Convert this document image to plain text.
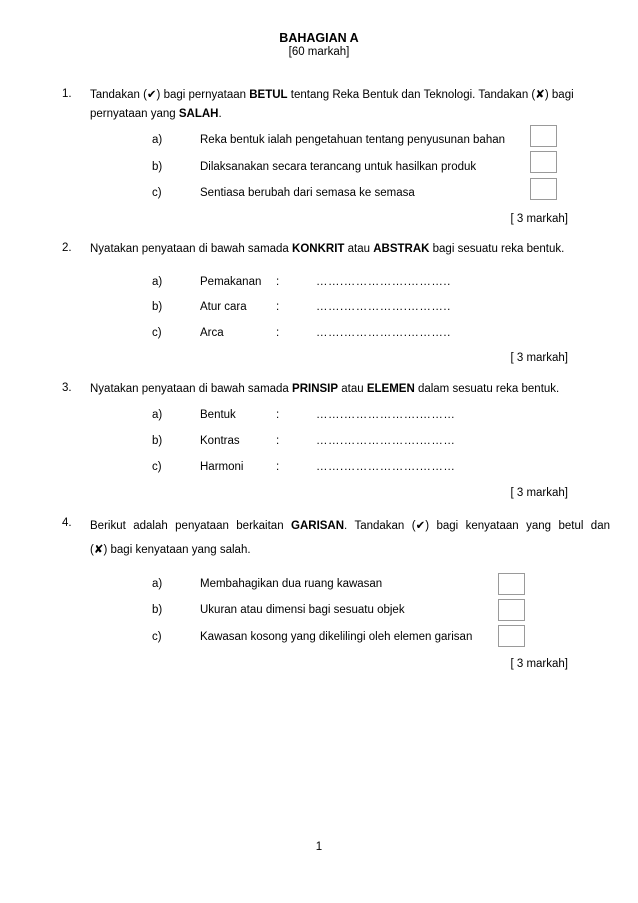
BAHAGIAN A
[60 markah]
1. Tandakan (✔) bagi pernyataan BETUL tentang Reka Bentuk dan Teknologi. Tandakan (✘) bagi
pernyataan yang SALAH.
a)	Reka bentuk ialah pengetahuan tentang penyusunan bahan
b)	Dilaksanakan secara terancang untuk hasilkan produk
c)	Sentiasa berubah dari semasa ke semasa
[ 3 markah]
2. Nyatakan penyataan di bawah samada KONKRIT atau ABSTRAK bagi sesuatu reka bentuk.
a)	Pemakanan :	…….…………….………..
b)	Atur cara	:	…….…………….………..
c)	Arca	:	…….…………….………..
[ 3 markah]
3. Nyatakan penyataan di bawah samada PRINSIP atau ELEMEN dalam sesuatu reka bentuk.
a)	Bentuk	:	…….……………….………
b)	Kontras	:	…….……………….………
c)	Harmoni	:	…….……………….………
[ 3 markah]
4. Berikut adalah penyataan berkaitan GARISAN. Tandakan (✔) bagi kenyataan yang betul dan
(✘) bagi kenyataan yang salah.
a)	Membahagikan dua ruang kawasan
b)	Ukuran atau dimensi bagi sesuatu objek
c)	Kawasan kosong yang dikelilingi oleh elemen garisan
[ 3 markah]
1
